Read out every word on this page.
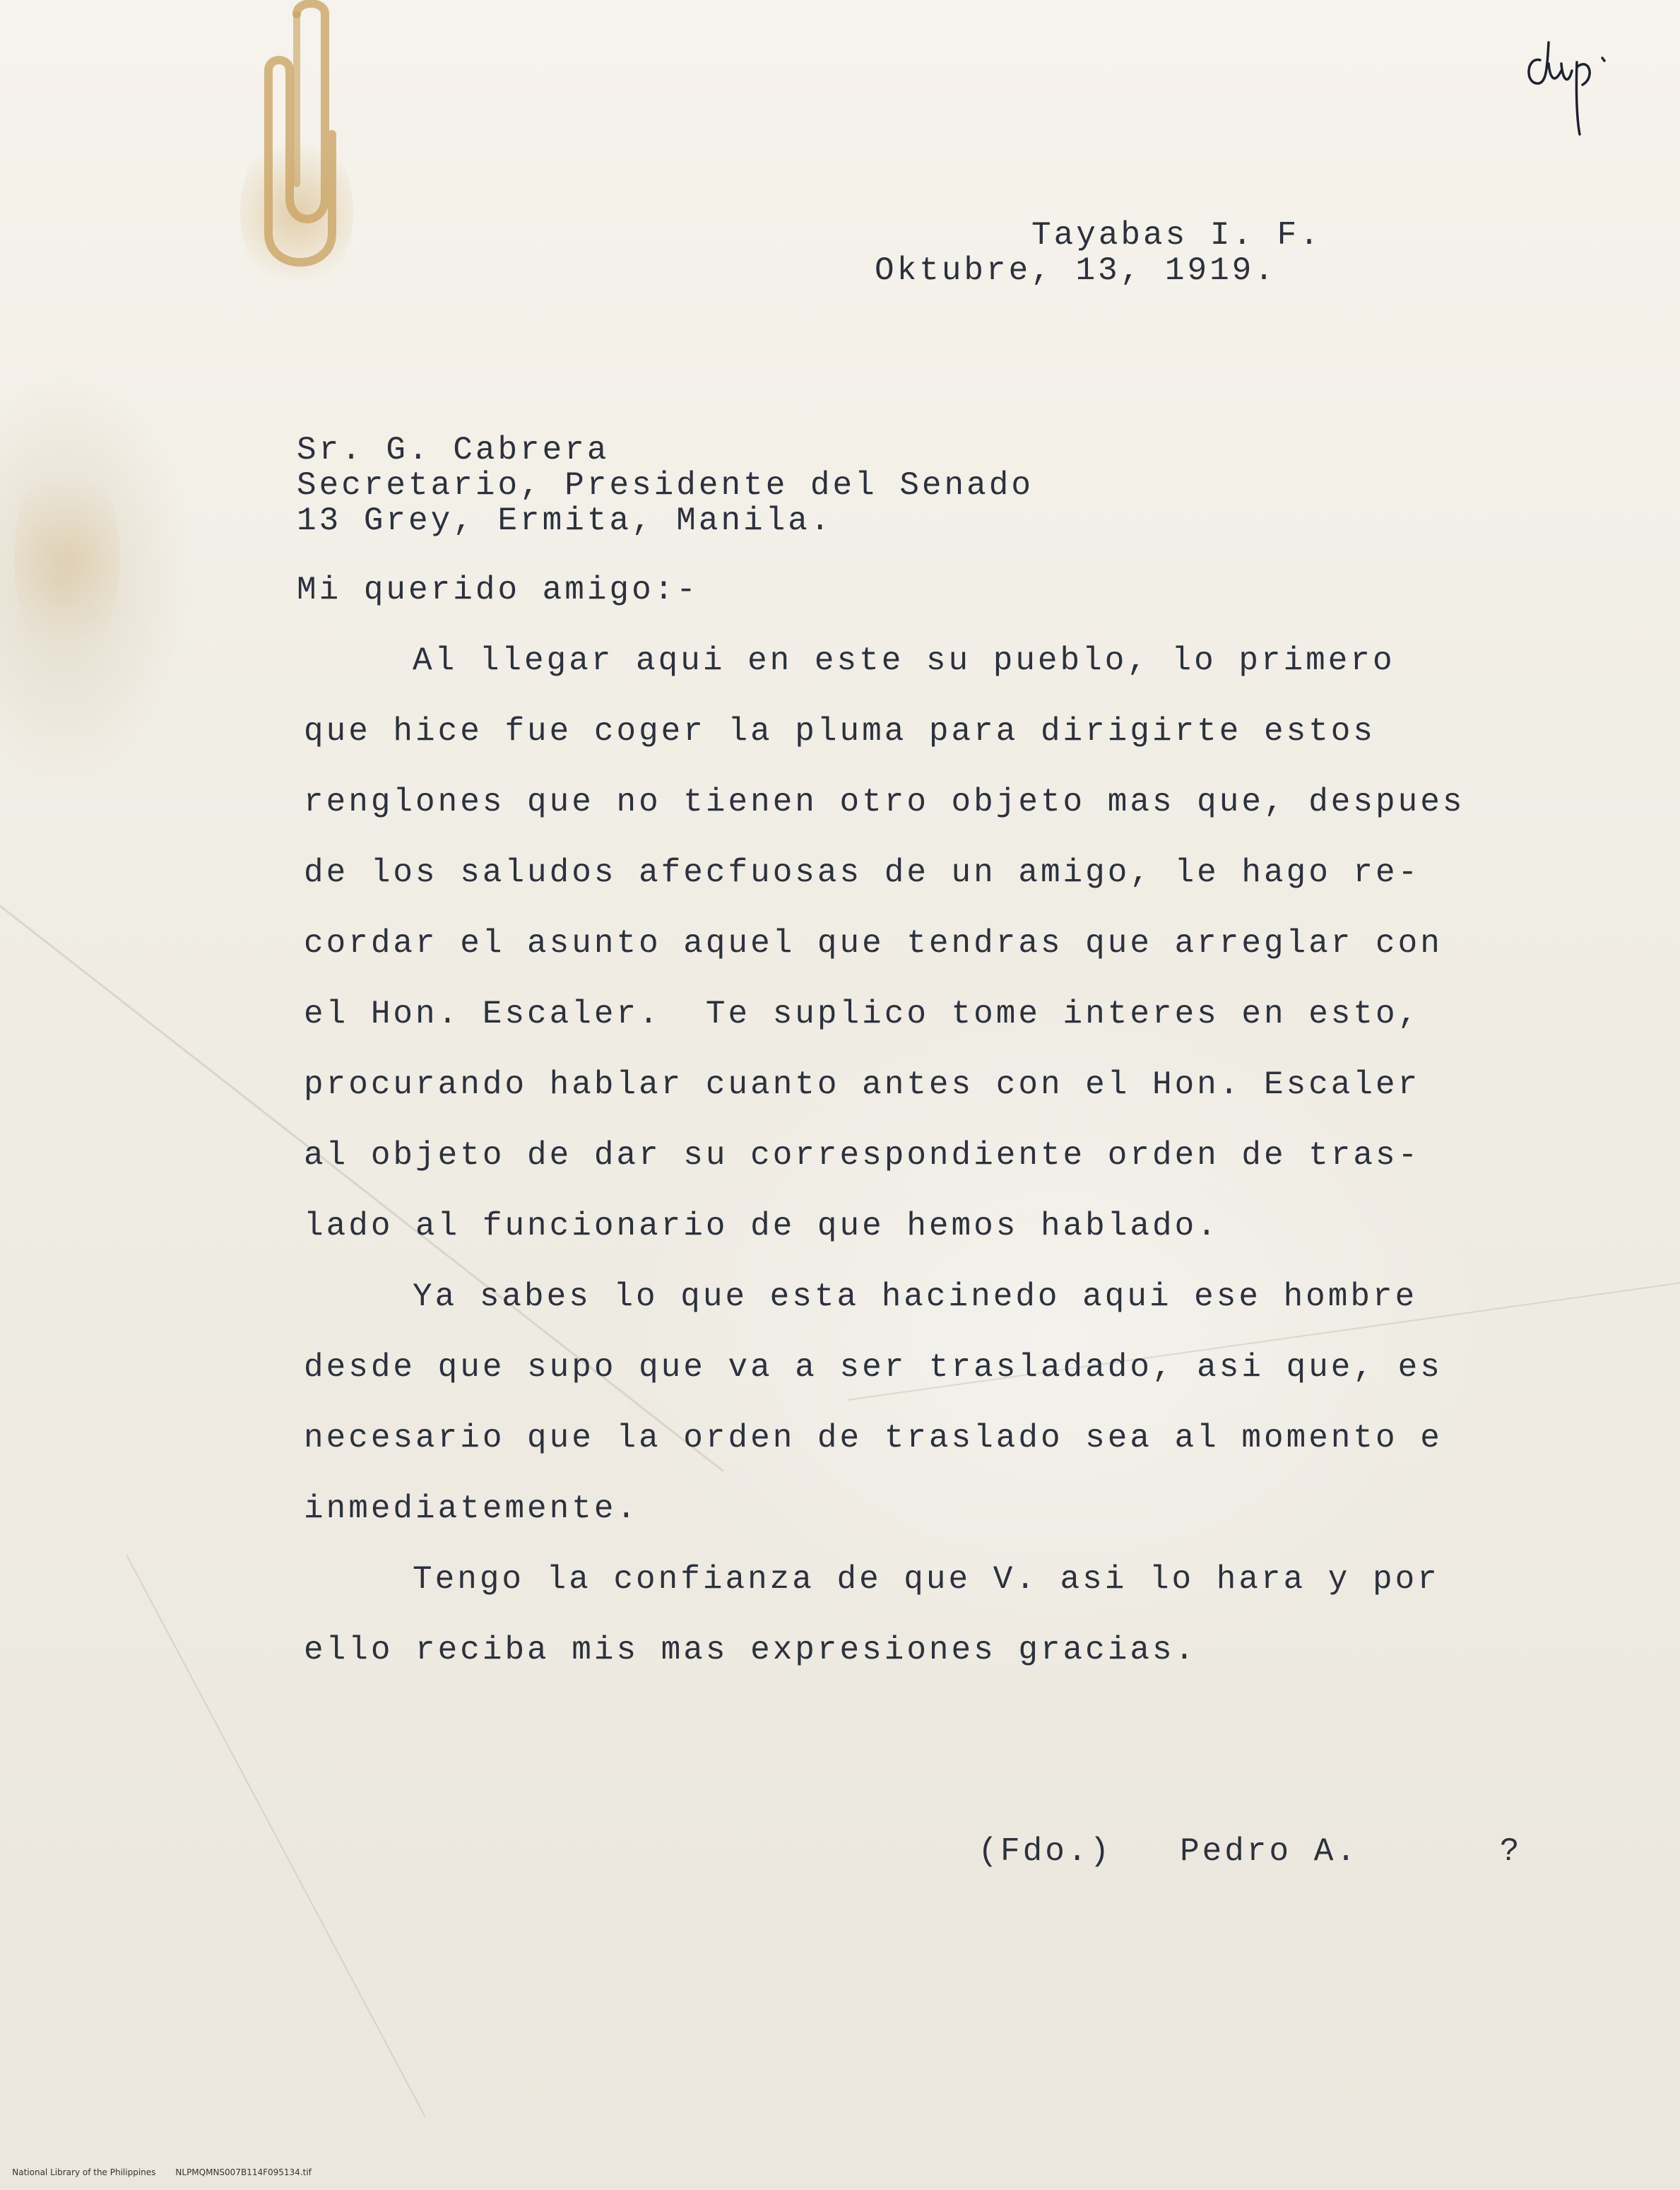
Tayabas I. F.
Oktubre, 13, 1919.
Sr. G. Cabrera
Secretario, Presidente del Senado
13 Grey, Ermita, Manila.
Mi querido amigo:-
Al llegar aqui en este su pueblo, lo primero
que hice fue coger la pluma para dirigirte estos
renglones que no tienen otro objeto mas que, despues
de los saludos afecfuosas de un amigo, le hago re-
cordar el asunto aquel que tendras que arreglar con
el Hon. Escaler.  Te suplico tome interes en esto,
procurando hablar cuanto antes con el Hon. Escaler
al objeto de dar su correspondiente orden de tras-
lado al funcionario de que hemos hablado.
Ya sabes lo que esta hacinedo aqui ese hombre
desde que supo que va a ser trasladado, asi que, es
necesario que la orden de traslado sea al momento e
inmediatemente.
Tengo la confianza de que V. asi lo hara y por
ello reciba mis mas expresiones gracias.

(Fdo.) Pedro A.	?

National Library of the Philippines NLPMQMNS007B114F095134.tif
